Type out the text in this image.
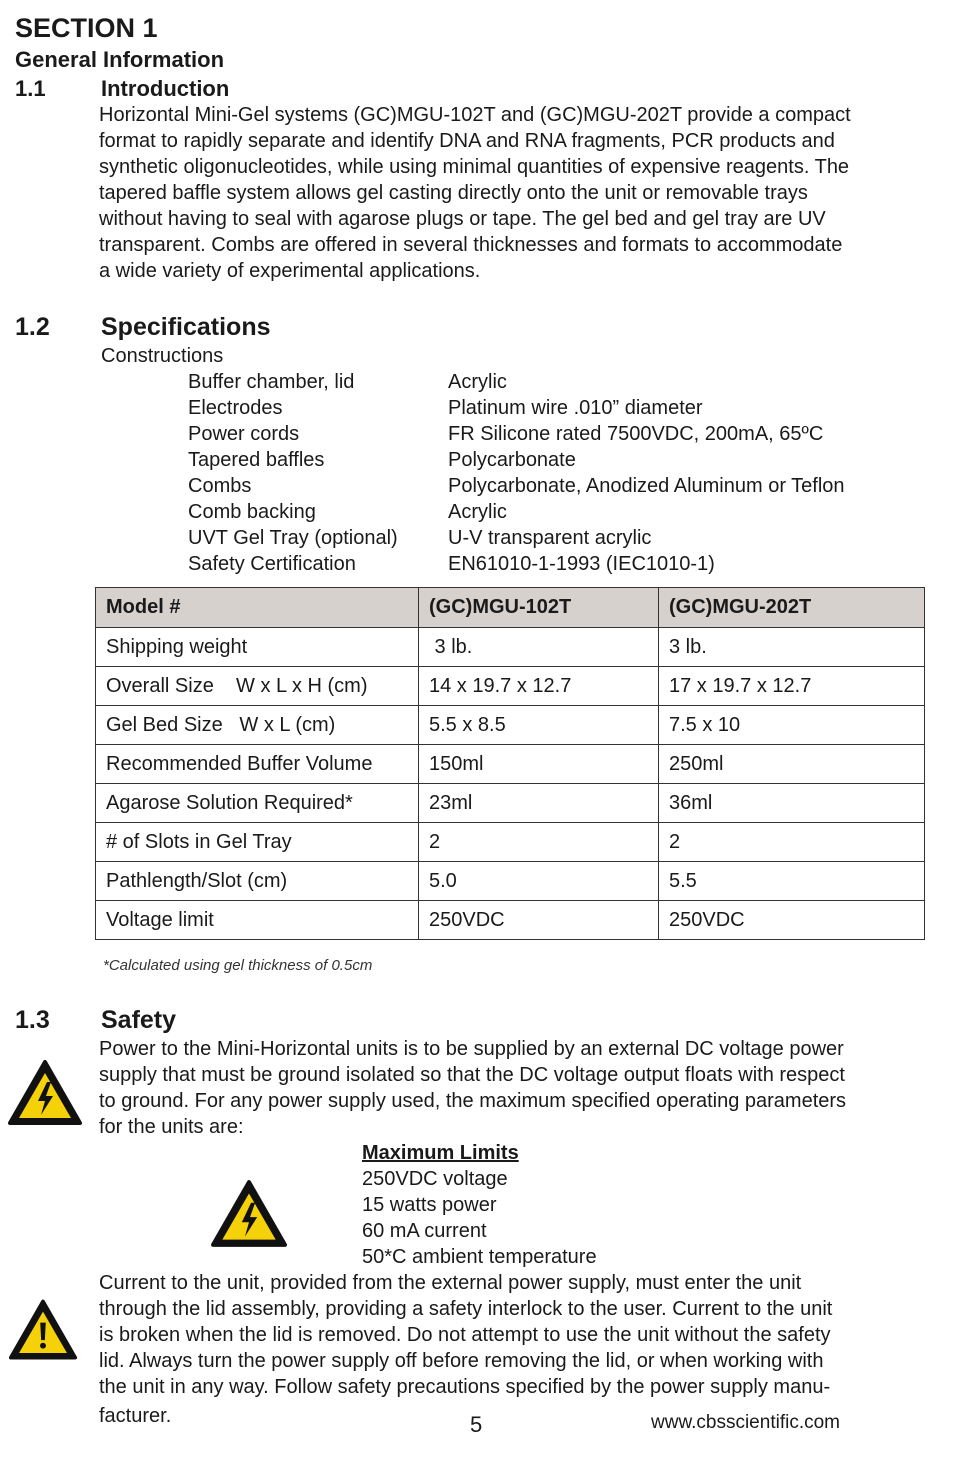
SECTION 1
General Information
1.1	Introduction
Horizontal Mini-Gel systems (GC)MGU-102T and (GC)MGU-202T provide a compact
format to rapidly separate and identify DNA and RNA fragments, PCR products and
synthetic oligonucleotides, while using minimal quantities of expensive reagents. The
tapered baffle system allows gel casting directly onto the unit or removable trays
without having to seal with agarose plugs or tape. The gel bed and gel tray are UV
transparent. Combs are offered in several thicknesses and formats to accommodate
a wide variety of experimental applications.
1.2 Specifications
Constructions
Buffer chamber, lid	Acrylic
Electrodes	Platinum wire .010” diameter
Power cords	FR Silicone rated 7500VDC, 200mA, 65ºC
Tapered baffles	Polycarbonate
Combs	Polycarbonate, Anodized Aluminum or Teflon
Comb backing	Acrylic
UVT Gel Tray (optional)	U-V transparent acrylic
Safety Certification	EN61010-1-1993 (IEC1010-1)
Model #	(GC)MGU-102T	(GC)MGU-202T
Shipping weight	3 lb.	3 lb.
Overall Size    W x L x H (cm)	14 x 19.7 x 12.7	17 x 19.7 x 12.7
Gel Bed Size   W x L (cm)	5.5 x 8.5	7.5 x 10
Recommended Buffer Volume	150ml	250ml
Agarose Solution Required*	23ml	36ml
# of Slots in Gel Tray	2	2
Pathlength/Slot (cm)	5.0	5.5
Voltage limit	250VDC	250VDC
*Calculated using gel thickness of 0.5cm
1.3 Safety
Power to the Mini-Horizontal units is to be supplied by an external DC voltage power
supply that must be ground isolated so that the DC voltage output floats with respect
to ground. For any power supply used, the maximum specified operating parameters
for the units are:
Maximum Limits
250VDC voltage
15 watts power
60 mA current
50*C ambient temperature
Current to the unit, provided from the external power supply, must enter the unit
through the lid assembly, providing a safety interlock to the user. Current to the unit
is broken when the lid is removed. Do not attempt to use the unit without the safety
lid. Always turn the power supply off before removing the lid, or when working with
the unit in any way. Follow safety precautions specified by the power supply manu-
facturer.	5	www.cbsscientific.com
